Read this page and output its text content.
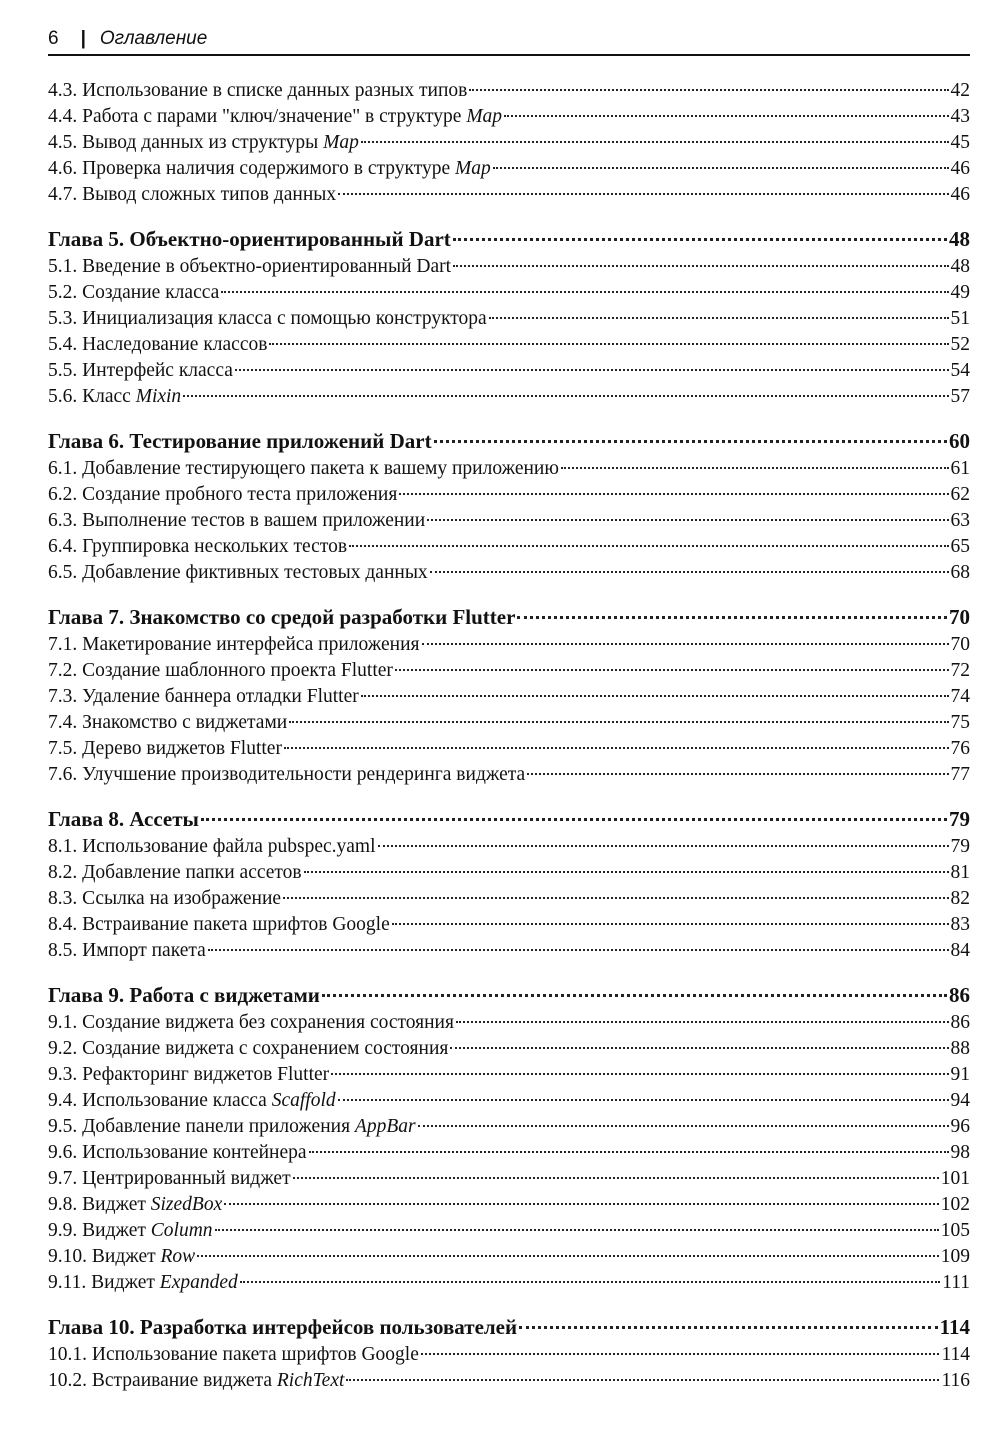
6 | Оглавление
4.3. Использование в списке данных разных типов	42
4.4. Работа с парами "ключ/значение" в структуре Map	43
4.5. Вывод данных из структуры Map	45
4.6. Проверка наличия содержимого в структуре Map	46
4.7. Вывод сложных типов данных	46
Глава 5. Объектно-ориентированный Dart	48
5.1. Введение в объектно-ориентированный Dart	48
5.2. Создание класса	49
5.3. Инициализация класса с помощью конструктора	51
5.4. Наследование классов	52
5.5. Интерфейс класса	54
5.6. Класс Mixin	57
Глава 6. Тестирование приложений Dart	60
6.1. Добавление тестирующего пакета к вашему приложению	61
6.2. Создание пробного теста приложения	62
6.3. Выполнение тестов в вашем приложении	63
6.4. Группировка нескольких тестов	65
6.5. Добавление фиктивных тестовых данных	68
Глава 7. Знакомство со средой разработки Flutter	70
7.1. Макетирование интерфейса приложения	70
7.2. Создание шаблонного проекта Flutter	72
7.3. Удаление баннера отладки Flutter	74
7.4. Знакомство с виджетами	75
7.5. Дерево виджетов Flutter	76
7.6. Улучшение производительности рендеринга виджета	77
Глава 8. Ассеты	79
8.1. Использование файла pubspec.yaml	79
8.2. Добавление папки ассетов	81
8.3. Ссылка на изображение	82
8.4. Встраивание пакета шрифтов Google	83
8.5. Импорт пакета	84
Глава 9. Работа с виджетами	86
9.1. Создание виджета без сохранения состояния	86
9.2. Создание виджета с сохранением состояния	88
9.3. Рефакторинг виджетов Flutter	91
9.4. Использование класса Scaffold	94
9.5. Добавление панели приложения AppBar	96
9.6. Использование контейнера	98
9.7. Центрированный виджет	101
9.8. Виджет SizedBox	102
9.9. Виджет Column	105
9.10. Виджет Row	109
9.11. Виджет Expanded	111
Глава 10. Разработка интерфейсов пользователей	114
10.1. Использование пакета шрифтов Google	114
10.2. Встраивание виджета RichText	116
